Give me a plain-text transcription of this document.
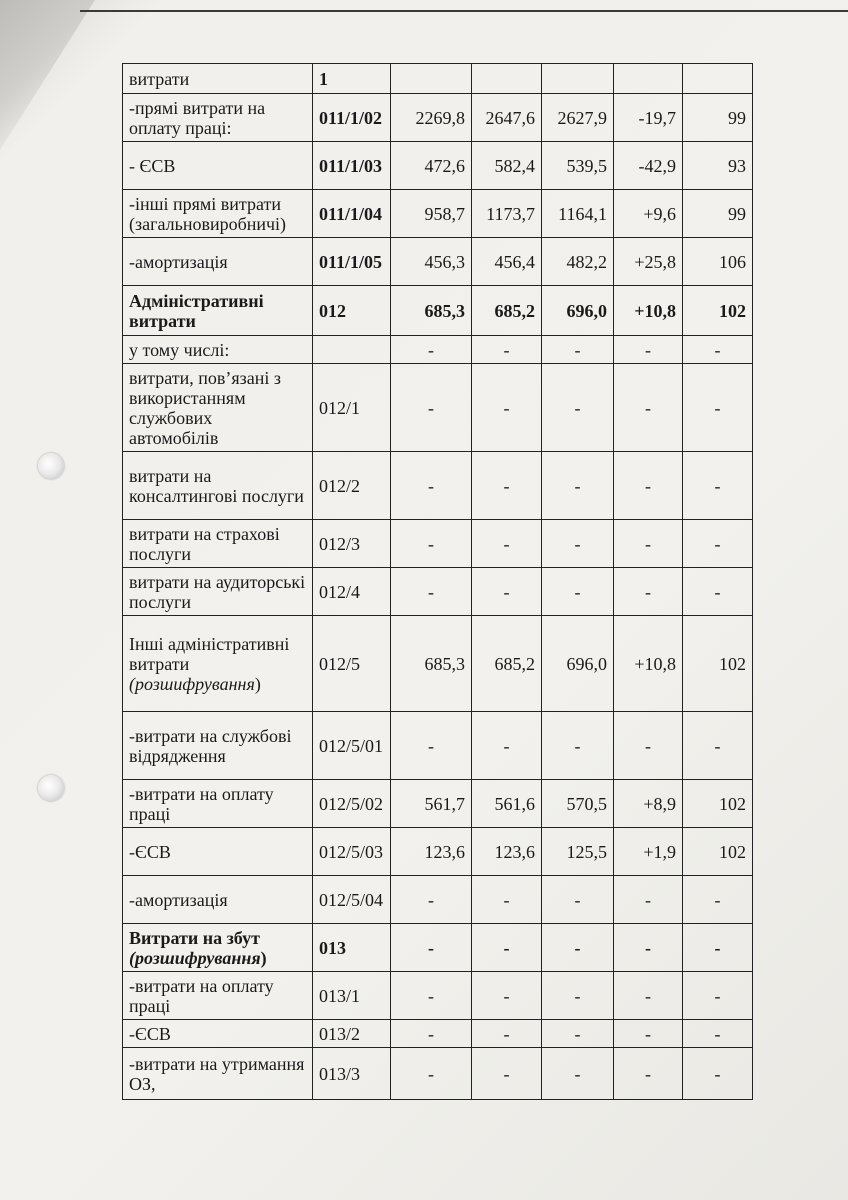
витрати	1					
-прямі витрати на оплату праці:	011/1/02	2269,8	2647,6	2627,9	-19,7	99
- ЄСВ	011/1/03	472,6	582,4	539,5	-42,9	93
-інші прямі витрати (загальновиробничі)	011/1/04	958,7	1173,7	1164,1	+9,6	99
-амортизація	011/1/05	456,3	456,4	482,2	+25,8	106
Адміністративні витрати	012	685,3	685,2	696,0	+10,8	102
у тому числі:		-	-	-	-	-
витрати, пов’язані з використанням службових автомобілів	012/1	-	-	-	-	-
витрати на консалтингові послуги	012/2	-	-	-	-	-
витрати на страхові послуги	012/3	-	-	-	-	-
витрати на аудиторські послуги	012/4	-	-	-	-	-
Інші адміністративні витрати (розшифрування)	012/5	685,3	685,2	696,0	+10,8	102
-витрати на службові відрядження	012/5/01	-	-	-	-	-
-витрати на оплату праці	012/5/02	561,7	561,6	570,5	+8,9	102
-ЄСВ	012/5/03	123,6	123,6	125,5	+1,9	102
-амортизація	012/5/04	-	-	-	-	-
Витрати на збут (розшифрування)	013	-	-	-	-	-
-витрати на оплату праці	013/1	-	-	-	-	-
-ЄСВ	013/2	-	-	-	-	-
-витрати на утримання ОЗ,	013/3	-	-	-	-	-
